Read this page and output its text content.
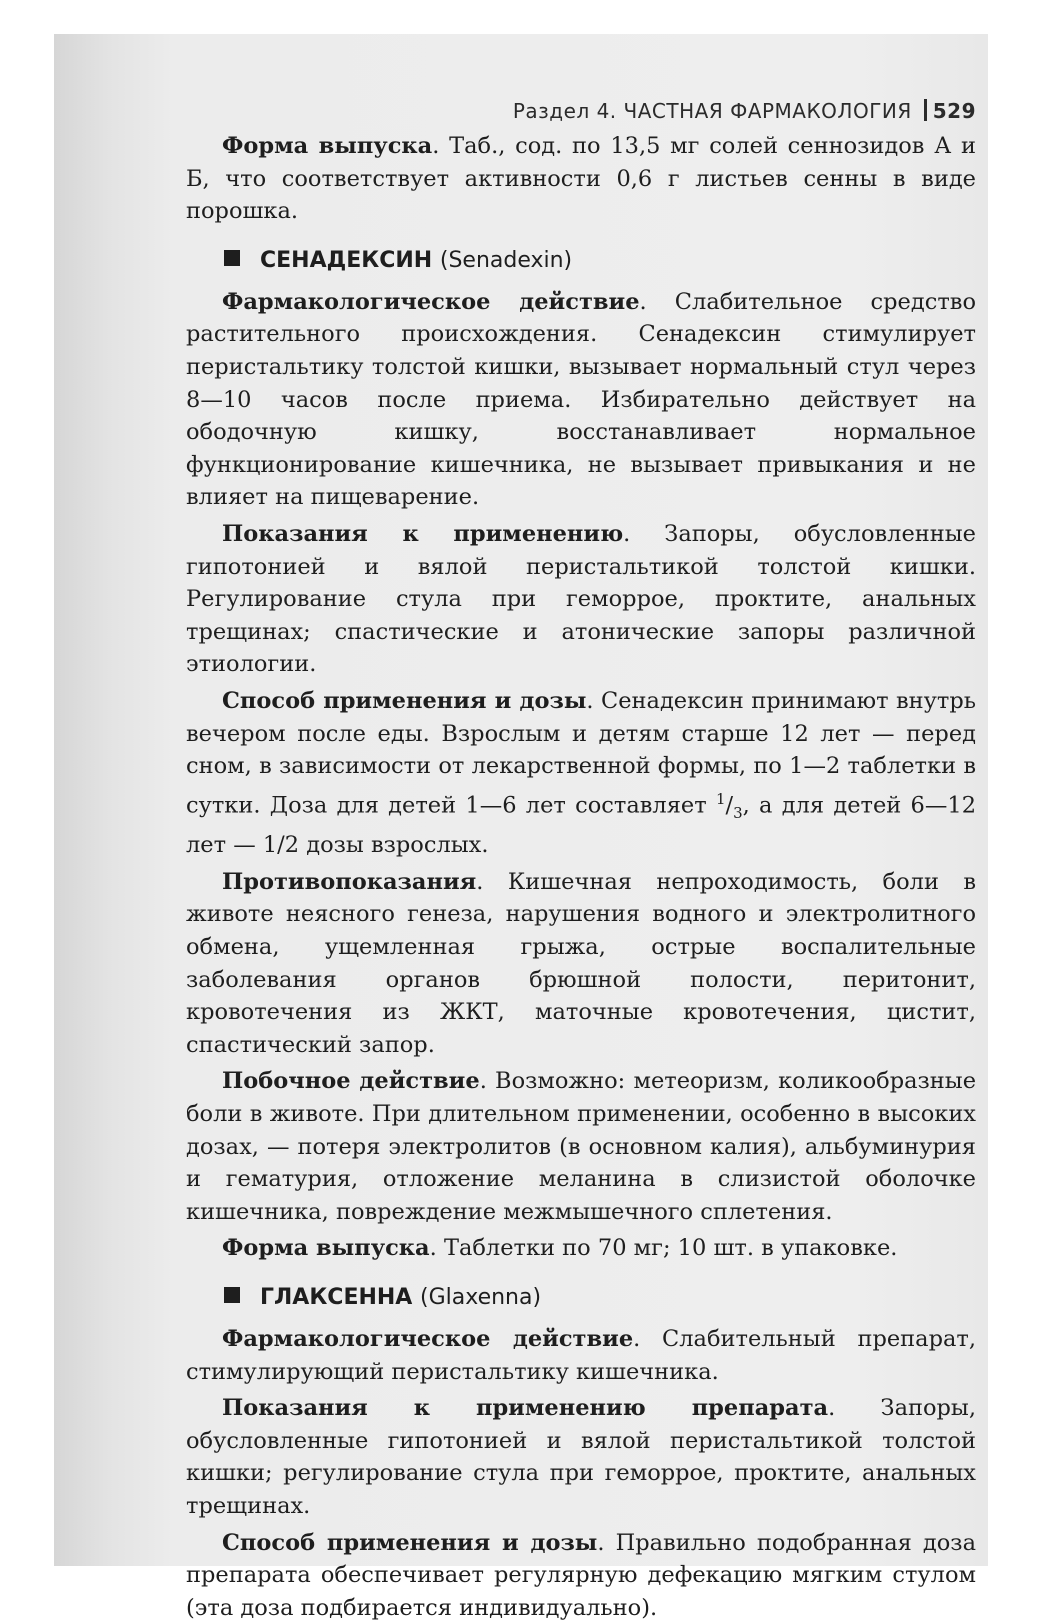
Раздел 4. ЧАСТНАЯ ФАРМАКОЛОГИЯ 529

Форма выпуска. Таб., сод. по 13,5 мг солей сеннозидов А и Б, что соответствует активности 0,6 г листьев сенны в виде порошка.

СЕНАДЕКСИН (Senadexin)

Фармакологическое действие. Слабительное средство растительного происхождения. Сенадексин стимулирует перистальтику толстой кишки, вызывает нормальный стул через 8—10 часов после приема. Избирательно действует на ободочную кишку, восстанавливает нормальное функционирование кишечника, не вызывает привыкания и не влияет на пищеварение.

Показания к применению. Запоры, обусловленные гипотонией и вялой перистальтикой толстой кишки. Регулирование стула при геморрое, проктите, анальных трещинах; спастические и атонические запоры различной этиологии.

Способ применения и дозы. Сенадексин принимают внутрь вечером после еды. Взрослым и детям старше 12 лет — перед сном, в зависимости от лекарственной формы, по 1—2 таблетки в сутки. Доза для детей 1—6 лет составляет $^1/_3$, а для детей 6—12 лет — 1/2 дозы взрослых.

Противопоказания. Кишечная непроходимость, боли в животе неясного генеза, нарушения водного и электролитного обмена, ущемленная грыжа, острые воспалительные заболевания органов брюшной полости, перитонит, кровотечения из ЖКТ, маточные кровотечения, цистит, спастический запор.

Побочное действие. Возможно: метеоризм, коликообразные боли в животе. При длительном применении, особенно в высоких дозах, — потеря электролитов (в основном калия), альбуминурия и гематурия, отложение меланина в слизистой оболочке кишечника, повреждение межмышечного сплетения.

Форма выпуска. Таблетки по 70 мг; 10 шт. в упаковке.

ГЛАКСЕННА (Glaxenna)

Фармакологическое действие. Слабительный препарат, стимулирующий перистальтику кишечника.

Показания к применению препарата. Запоры, обусловленные гипотонией и вялой перистальтикой толстой кишки; регулирование стула при геморрое, проктите, анальных трещинах.

Способ применения и дозы. Правильно подобранная доза препарата обеспечивает регулярную дефекацию мягким стулом (эта доза подбирается индивидуально).
